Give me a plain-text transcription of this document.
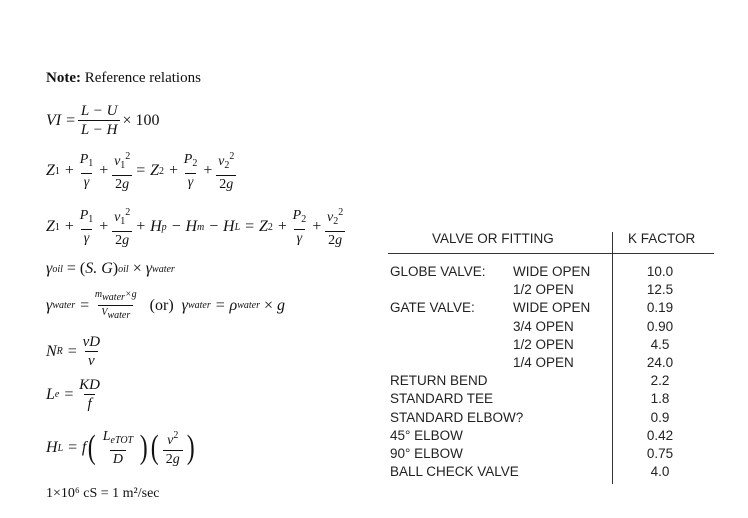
Note: Reference relations
VI = $\frac{L - U}{L - H} \times 100$
Z $1 + \frac{P_1}{\gamma} + \frac{v_1^2}{2g} = Z$ $2 + \frac{P_2}{\gamma} + \frac{v_2^2}{2g}$
Z $1 + \frac{P_1}{\gamma} + \frac{v_1^2}{2g} + H$ p − H m − H L = Z $2 + \frac{P_2}{\gamma} + \frac{v_2^2}{2g}$
γ oil
= ( S. G ) oil
× γ water
γ water = $\frac{m_{water}\times g}{V_{water}}$
(or) γ water = ρ water
× g
N $R = \frac{vD}{\nu}$
L $e = \frac{KD}{f}$
H L = f ( $\frac{L_{eTOT}}{D}$ ) ( $\frac{v^2}{2g}$ )
1×10⁶ cS = 1 m²/sec
VALVE OR FITTING	K FACTOR
GLOBE VALVE: WIDE OPEN	10.0
1/2 OPEN	12.5
GATE VALVE:	WIDE OPEN	0.19
3/4 OPEN	0.90
1/2 OPEN	4.5
1/4 OPEN	24.0
RETURN BEND	2.2
STANDARD TEE	1.8
STANDARD ELBOW?	0.9
45° ELBOW	0.42
90° ELBOW	0.75
BALL CHECK VALVE	4.0
